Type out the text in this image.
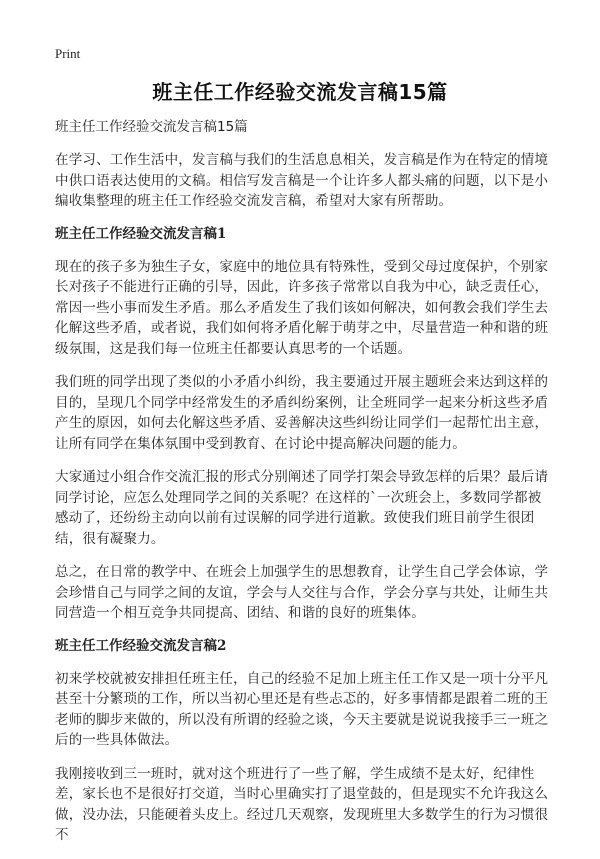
Print
班主任工作经验交流发言稿15篇

班主任工作经验交流发言稿15篇

在学习、工作生活中，发言稿与我们的生活息息相关，发言稿是作为在特定的情境中供口语表达使用的文稿。相信写发言稿是一个让许多人都头痛的问题，以下是小编收集整理的班主任工作经验交流发言稿，希望对大家有所帮助。

班主任工作经验交流发言稿1

现在的孩子多为独生子女，家庭中的地位具有特殊性，受到父母过度保护，个别家长对孩子不能进行正确的引导，因此，许多孩子常常以自我为中心，缺乏责任心，常因一些小事而发生矛盾。那么矛盾发生了我们该如何解决，如何教会我们学生去化解这些矛盾，或者说，我们如何将矛盾化解于萌芽之中，尽量营造一种和谐的班级氛围，这是我们每一位班主任都要认真思考的一个话题。

我们班的同学出现了类似的小矛盾小纠纷，我主要通过开展主题班会来达到这样的目的，呈现几个同学中经常发生的矛盾纠纷案例，让全班同学一起来分析这些矛盾产生的原因，如何去化解这些矛盾、妥善解决这些纠纷让同学们一起帮忙出主意，让所有同学在集体氛围中受到教育、在讨论中提高解决问题的能力。

大家通过小组合作交流汇报的形式分别阐述了同学打架会导致怎样的后果？最后请同学讨论，应怎么处理同学之间的关系呢？在这样的`一次班会上，多数同学都被感动了，还纷纷主动向以前有过误解的同学进行道歉。致使我们班目前学生很团结，很有凝聚力。

总之，在日常的教学中、在班会上加强学生的思想教育，让学生自己学会体谅，学会珍惜自己与同学之间的友谊，学会与人交往与合作，学会分享与共处，让师生共同营造一个相互竞争共同提高、团结、和谐的良好的班集体。

班主任工作经验交流发言稿2

初来学校就被安排担任班主任，自己的经验不足加上班主任工作又是一项十分平凡甚至十分繁琐的工作，所以当初心里还是有些忐忑的，好多事情都是跟着二班的王老师的脚步来做的，所以没有所谓的经验之谈，今天主要就是说说我接手三一班之后的一些具体做法。

我刚接收到三一班时，就对这个班进行了一些了解，学生成绩不是太好，纪律性差，家长也不是很好打交道，当时心里确实打了退堂鼓的，但是现实不允许我这么做，没办法，只能硬着头皮上。经过几天观察，发现班里大多数学生的行为习惯很不
